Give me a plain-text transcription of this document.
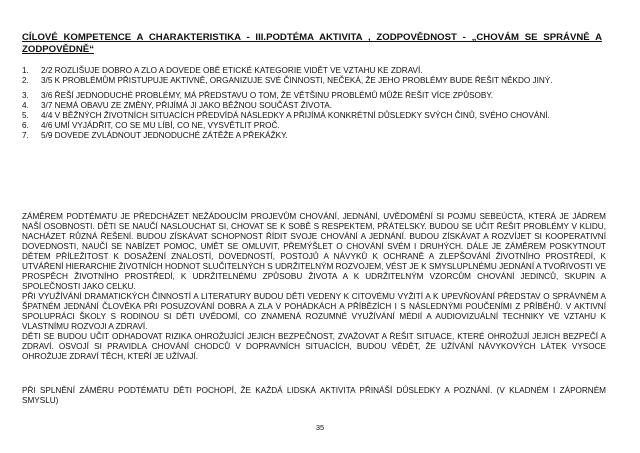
CÍLOVÉ KOMPETENCE A CHARAKTERISTIKA - III.PODTÉMA AKTIVITA , ZODPOVĚDNOST - „CHOVÁM SE SPRÁVNĚ A ZODPOVĚDNĚ“

1. 2/2 ROZLIŠUJE DOBRO A ZLO A DOVEDE OBĚ ETICKÉ KATEGORIE VIDĚT VE VZTAHU KE ZDRAVÍ.
2. 3/5 K PROBLÉMŮM PŘISTUPUJE AKTIVNĚ, ORGANIZUJE SVÉ ČINNOSTI, NEČEKÁ, ŽE JEHO PROBLÉMY BUDE ŘEŠIT NĚKDO JINÝ.
3. 3/6 ŘEŠÍ JEDNODUCHÉ PROBLÉMY, MÁ PŘEDSTAVU O TOM, ŽE VĚTŠINU PROBLÉMŮ MŮŽE ŘEŠIT VÍCE ZPŮSOBY.
4. 3/7 NEMÁ OBAVU ZE ZMĚNY, PŘIJÍMÁ JI JAKO BĚŽNOU SOUČÁST ŽIVOTA.
5. 4/4 V BĚŽNÝCH ŽIVOTNÍCH SITUACÍCH PŘEDVÍDÁ NÁSLEDKY A PŘIJÍMÁ KONKRÉTNÍ DŮSLEDKY SVÝCH ČINŮ, SVÉHO CHOVÁNÍ.
6. 4/6 UMÍ VYJÁDŘIT, CO SE MU LÍBÍ, CO NE, VYSVĚTLIT PROČ.
7. 5/9 DOVEDE ZVLÁDNOUT JEDNODUCHÉ ZÁTĚŽE A PŘEKÁŽKY.

ZÁMĚREM PODTÉMATU JE PŘEDCHÁZET NEŽÁDOUCÍM PROJEVŮM CHOVÁNÍ, JEDNÁNÍ, UVĚDOMĚNÍ SI POJMU SEBEÚCTA, KTERÁ JE JÁDREM NAŠÍ OSOBNOSTI. DĚTI SE NAUČÍ NASLOUCHAT SI, CHOVAT SE K SOBĚ S RESPEKTEM, PŘÁTELSKY. BUDOU SE UČIT ŘEŠIT PROBLÉMY V KLIDU, NACHÁZET RŮZNÁ ŘEŠENÍ. BUDOU ZÍSKÁVAT SCHOPNOST ŘÍDIT SVOJE CHOVÁNÍ A JEDNÁNÍ. BUDOU ZÍSKÁVAT A ROZVÍJET SI KOOPERATIVNÍ DOVEDNOSTI, NAUČÍ SE NABÍZET POMOC, UMĚT SE OMLUVIT, PŘEMÝŠLET O CHOVÁNÍ SVÉM I DRUHÝCH. DÁLE JE ZÁMĚREM POSKYTNOUT DĚTEM PŘÍLEŽITOST K DOSAŽENÍ ZNALOSTÍ, DOVEDNOSTÍ, POSTOJŮ A NÁVYKŮ K OCHRANĚ A ZLEPŠOVÁNÍ ŽIVOTNÍHO PROSTŘEDÍ, K UTVÁŘENÍ HIERARCHIE ŽIVOTNÍCH HODNOT SLUČITELNÝCH S UDRŽITELNÝM ROZVOJEM, VÉST JE K SMYSLUPLNÉMU JEDNÁNÍ A TVOŘIVOSTI VE PROSPĚCH ŽIVOTNÍHO PROSTŘEDÍ, K UDRŽITELNÉMU ZPŮSOBU ŽIVOTA A K UDRŽITELNÝM VZORCŮM CHOVÁNÍ JEDINCŮ, SKUPIN A SPOLEČNOSTI JAKO CELKU.

PŘI VYUŽÍVÁNÍ DRAMATICKÝCH ČINNOSTÍ A LITERATURY BUDOU DĚTI VEDENY K CITOVÉMU VYŽITÍ A K UPEVŇOVÁNÍ PŘEDSTAV O SPRÁVNÉM A ŠPATNÉM JEDNÁNÍ ČLOVĚKA PŘI POSUZOVÁNÍ DOBRA A ZLA V POHÁDKÁCH A PŘÍBĚZÍCH I S NÁSLEDNÝMI POUČENÍMI Z PŘÍBĚHŮ. V AKTIVNÍ SPOLUPRÁCI ŠKOLY S RODINOU SI DĚTI UVĚDOMÍ, CO ZNAMENÁ ROZUMNÉ VYUŽÍVÁNÍ MÉDIÍ A AUDIOVIZUÁLNÍ TECHNIKY VE VZTAHU K VLASTNÍMU ROZVOJI A ZDRAVÍ.

DĚTI SE BUDOU UČIT ODHADOVAT RIZIKA OHROŽUJÍCÍ JEJICH BEZPEČNOST, ZVAŽOVAT A ŘEŠIT SITUACE, KTERÉ OHROŽUJÍ JEJICH BEZPEČÍ A ZDRAVÍ. OSVOJÍ SI PRAVIDLA CHOVÁNÍ CHODCŮ V DOPRAVNÍCH SITUACÍCH, BUDOU VĚDĚT, ŽE UŽÍVÁNÍ NÁVYKOVÝCH LÁTEK VYSOCE OHROŽUJE ZDRAVÍ TĚCH, KTEŘÍ JE UŽÍVAJÍ.

PŘI SPLNĚNÍ ZÁMĚRU PODTÉMATU DĚTI POCHOPÍ, ŽE KAŽDÁ LIDSKÁ AKTIVITA PŘINÁŠÍ DŮSLEDKY A POZNÁNÍ. (V KLADNÉM I ZÁPORNÉM SMYSLU)

35
